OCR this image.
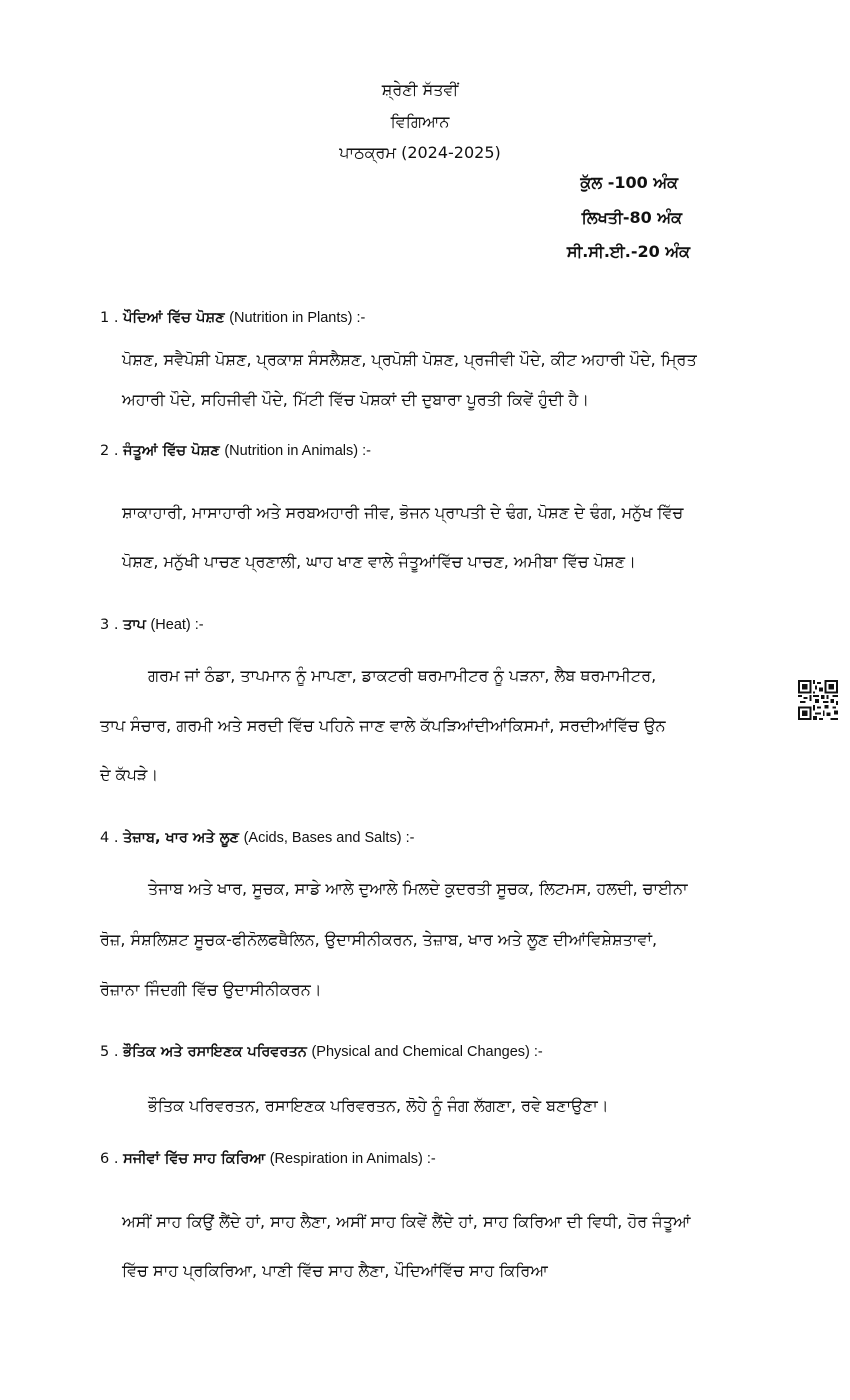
ਸ਼੍ਰੇਣੀ ਸੱਤਵੀਂ
ਵਿਗਿਆਨ
ਪਾਠਕ੍ਰਮ (2024-2025)
ਕੁੱਲ -100 ਅੰਕ
ਲਿਖਤੀ-80 ਅੰਕ
ਸੀ.ਸੀ.ਈ.-20 ਅੰਕ
1 . ਪੌਦਿਆਂ ਵਿੱਚ ਪੋਸ਼ਣ (Nutrition in Plants) :-
ਪੋਸ਼ਣ, ਸਵੈਪੋਸ਼ੀ ਪੋਸ਼ਣ, ਪ੍ਰਕਾਸ਼ ਸੰਸਲੈਸ਼ਣ, ਪ੍ਰਪੋਸ਼ੀ ਪੋਸ਼ਣ, ਪ੍ਰਜੀਵੀ ਪੌਦੇ, ਕੀਟ ਅਹਾਰੀ ਪੌਦੇ, ਮ੍ਰਿਤ
ਅਹਾਰੀ ਪੌਦੇ, ਸਹਿਜੀਵੀ ਪੌਦੇ, ਮਿੱਟੀ ਵਿੱਚ ਪੋਸ਼ਕਾਂ ਦੀ ਦੁਬਾਰਾ ਪੂਰਤੀ ਕਿਵੇਂ ਹੁੰਦੀ ਹੈ।
2 . ਜੰਤੂਆਂ ਵਿੱਚ ਪੋਸ਼ਣ (Nutrition in Animals) :-
ਸ਼ਾਕਾਹਾਰੀ, ਮਾਸਾਹਾਰੀ ਅਤੇ ਸਰਬਅਹਾਰੀ ਜੀਵ, ਭੋਜਨ ਪ੍ਰਾਪਤੀ ਦੇ ਢੰਗ, ਪੋਸ਼ਣ ਦੇ ਢੰਗ, ਮਨੁੱਖ ਵਿੱਚ
ਪੋਸ਼ਣ, ਮਨੁੱਖੀ ਪਾਚਣ ਪ੍ਰਣਾਲੀ, ਘਾਹ ਖਾਣ ਵਾਲੇ ਜੰਤੂਆਂਵਿੱਚ ਪਾਚਣ, ਅਮੀਬਾ ਵਿੱਚ ਪੋਸ਼ਣ।
3 . ਤਾਪ (Heat) :-
ਗਰਮ ਜਾਂ ਠੰਡਾ, ਤਾਪਮਾਨ ਨੂੰ ਮਾਪਣਾ, ਡਾਕਟਰੀ ਥਰਮਾਮੀਟਰ ਨੂੰ ਪੜਨਾ, ਲੈਬ ਥਰਮਾਮੀਟਰ,
ਤਾਪ ਸੰਚਾਰ, ਗਰਮੀ ਅਤੇ ਸਰਦੀ ਵਿੱਚ ਪਹਿਨੇ ਜਾਣ ਵਾਲੇ ਕੱਪੜਿਆਂਦੀਆਂਕਿਸਮਾਂ, ਸਰਦੀਆਂਵਿੱਚ ਉਨ
ਦੇ ਕੱਪੜੇ।
4 . ਤੇਜ਼ਾਬ, ਖਾਰ ਅਤੇ ਲੂਣ (Acids, Bases and Salts) :-
ਤੇਜਾਬ ਅਤੇ ਖਾਰ, ਸੂਚਕ, ਸਾਡੇ ਆਲੇ ਦੁਆਲੇ ਮਿਲਦੇ ਕੁਦਰਤੀ ਸੂਚਕ, ਲਿਟਮਸ, ਹਲਦੀ, ਚਾਈਨਾ
ਰੋਜ਼, ਸੰਸ਼ਲਿਸ਼ਟ ਸੂਚਕ-ਫੀਨੋਲਫਥੈਲਿਨ, ਉਦਾਸੀਨੀਕਰਨ, ਤੇਜ਼ਾਬ, ਖਾਰ ਅਤੇ ਲੂਣ ਦੀਆਂਵਿਸ਼ੇਸ਼ਤਾਵਾਂ,
ਰੋਜ਼ਾਨਾ ਜਿੰਦਗੀ ਵਿੱਚ ਉਦਾਸੀਨੀਕਰਨ।
5 . ਭੌਤਿਕ ਅਤੇ ਰਸਾਇਣਕ ਪਰਿਵਰਤਨ (Physical and Chemical Changes) :-
ਭੌਤਿਕ ਪਰਿਵਰਤਨ, ਰਸਾਇਣਕ ਪਰਿਵਰਤਨ, ਲੋਹੇ ਨੂੰ ਜੰਗ ਲੱਗਣਾ, ਰਵੇ ਬਣਾਉਣਾ।
6 . ਸਜੀਵਾਂ ਵਿੱਚ ਸਾਹ ਕਿਰਿਆ (Respiration in Animals) :-
ਅਸੀਂ ਸਾਹ ਕਿਉਂ ਲੈਂਦੇ ਹਾਂ, ਸਾਹ ਲੈਣਾ, ਅਸੀਂ ਸਾਹ ਕਿਵੇਂ ਲੈਂਦੇ ਹਾਂ, ਸਾਹ ਕਿਰਿਆ ਦੀ ਵਿਧੀ, ਹੋਰ ਜੰਤੂਆਂ
ਵਿੱਚ ਸਾਹ ਪ੍ਰਕਿਰਿਆ, ਪਾਣੀ ਵਿੱਚ ਸਾਹ ਲੈਣਾ, ਪੌਦਿਆਂਵਿੱਚ ਸਾਹ ਕਿਰਿਆ
